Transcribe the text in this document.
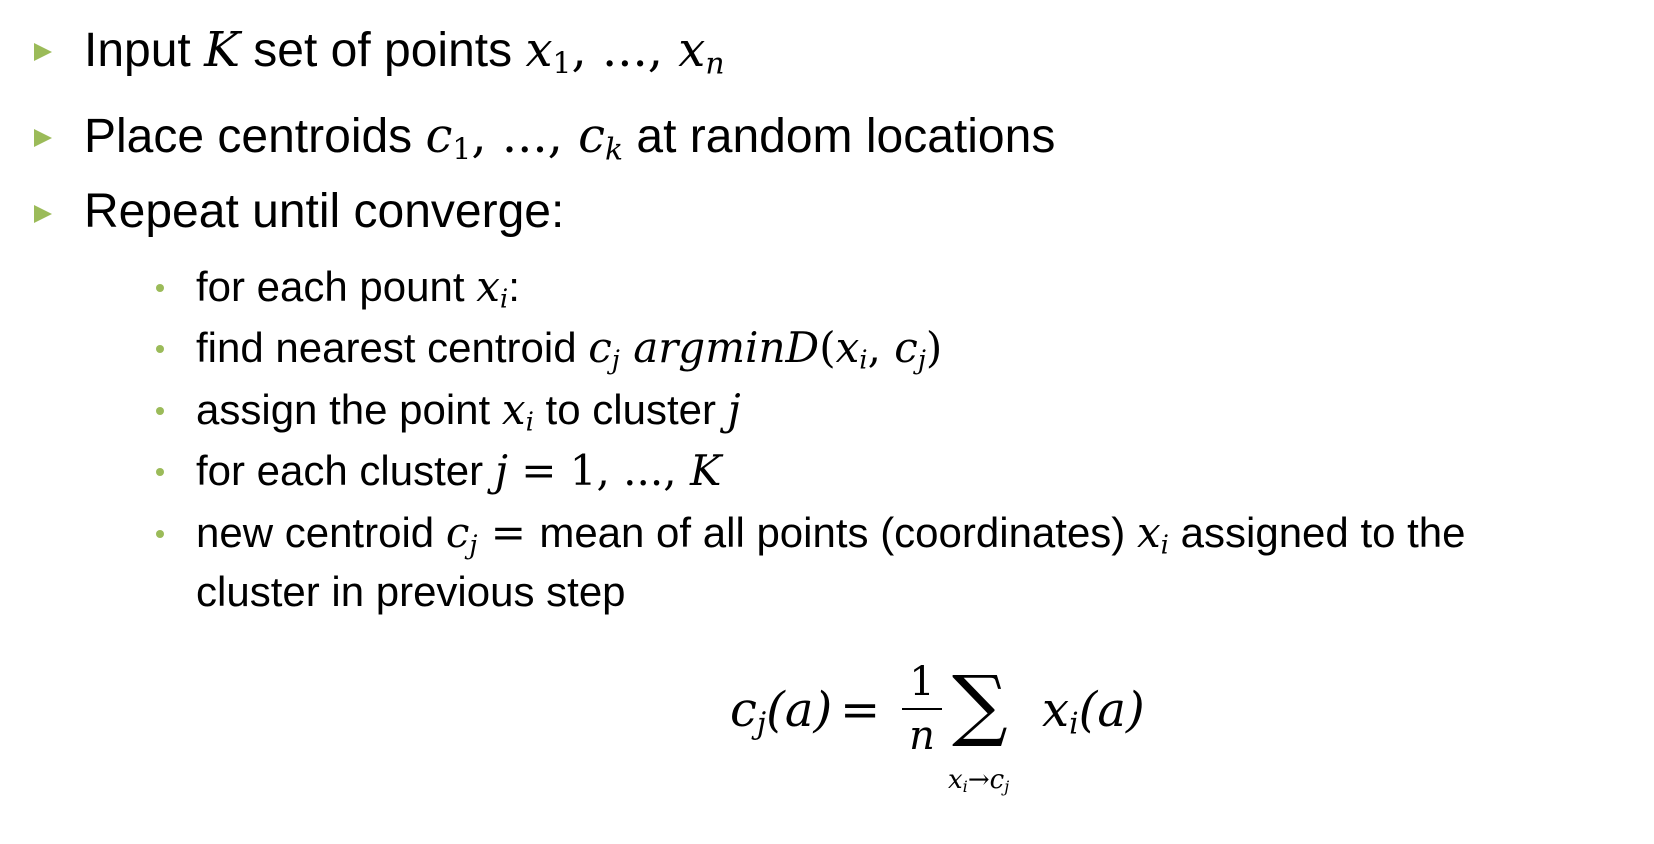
Input K set of points $x_1$, ..., $x_n$
Place centroids $c_1$, ..., $c_k$ at random locations
Repeat until converge:
for each pount $x_i$:
find nearest centroid $c_j$ $argminD(x_i$, $c_j$)
assign the point $x_i$ to cluster j
for each cluster j = 1, ..., K
new centroid $c_j$ = mean of all points (coordinates) $x_i$ assigned to the
cluster in previous step
$c_j(a) = 1$
n ∑
$x_i\to c_j$
$x_i(a)$
